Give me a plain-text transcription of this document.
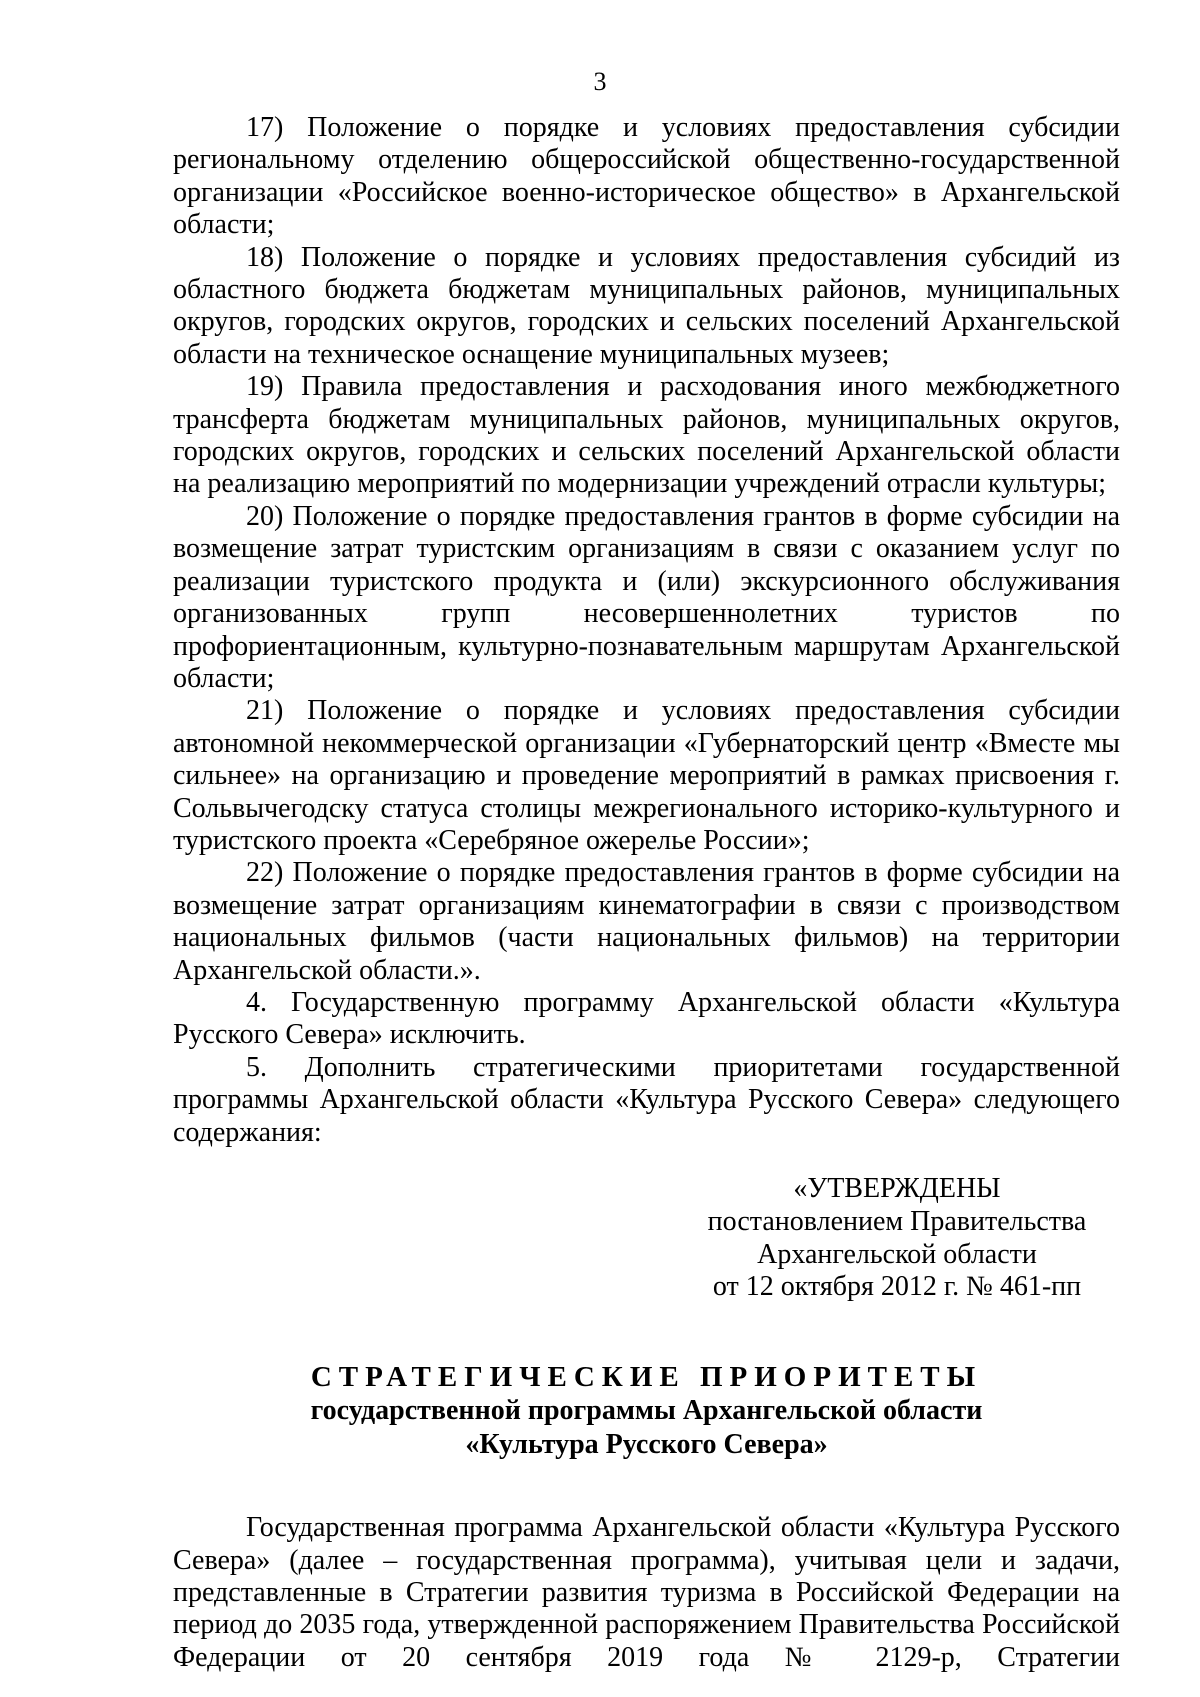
3

17) Положение о порядке и условиях предоставления субсидии региональному отделению общероссийской общественно-государственной организации «Российское военно-историческое общество» в Архангельской области;

18) Положение о порядке и условиях предоставления субсидий из областного бюджета бюджетам муниципальных районов, муниципальных округов, городских округов, городских и сельских поселений Архангельской области на техническое оснащение муниципальных музеев;

19) Правила предоставления и расходования иного межбюджетного трансферта бюджетам муниципальных районов, муниципальных округов, городских округов, городских и сельских поселений Архангельской области на реализацию мероприятий по модернизации учреждений отрасли культуры;

20) Положение о порядке предоставления грантов в форме субсидии на возмещение затрат туристским организациям в связи с оказанием услуг по реализации туристского продукта и (или) экскурсионного обслуживания организованных групп несовершеннолетних туристов по профориентационным, культурно-познавательным маршрутам Архангельской области;

21) Положение о порядке и условиях предоставления субсидии автономной некоммерческой организации «Губернаторский центр «Вместе мы сильнее» на организацию и проведение мероприятий в рамках присвоения г. Сольвычегодску статуса столицы межрегионального историко-культурного и туристского проекта «Серебряное ожерелье России»;

22) Положение о порядке предоставления грантов в форме субсидии на возмещение затрат организациям кинематографии в связи с производством национальных фильмов (части национальных фильмов) на территории Архангельской области.».

4. Государственную программу Архангельской области «Культура Русского Севера» исключить.

5. Дополнить стратегическими приоритетами государственной программы Архангельской области «Культура Русского Севера» следующего содержания:

«УТВЕРЖДЕНЫ
постановлением Правительства
Архангельской области
от 12 октября 2012 г. № 461-пп
СТРАТЕГИЧЕСКИЕ ПРИОРИТЕТЫ
государственной программы Архангельской области
«Культура Русского Севера»

Государственная программа Архангельской области «Культура Русского Севера» (далее – государственная программа), учитывая цели и задачи, представленные в Стратегии развития туризма в Российской Федерации на период до 2035 года, утвержденной распоряжением Правительства Российской Федерации от 20 сентября 2019 года № 2129-р, Стратегии
